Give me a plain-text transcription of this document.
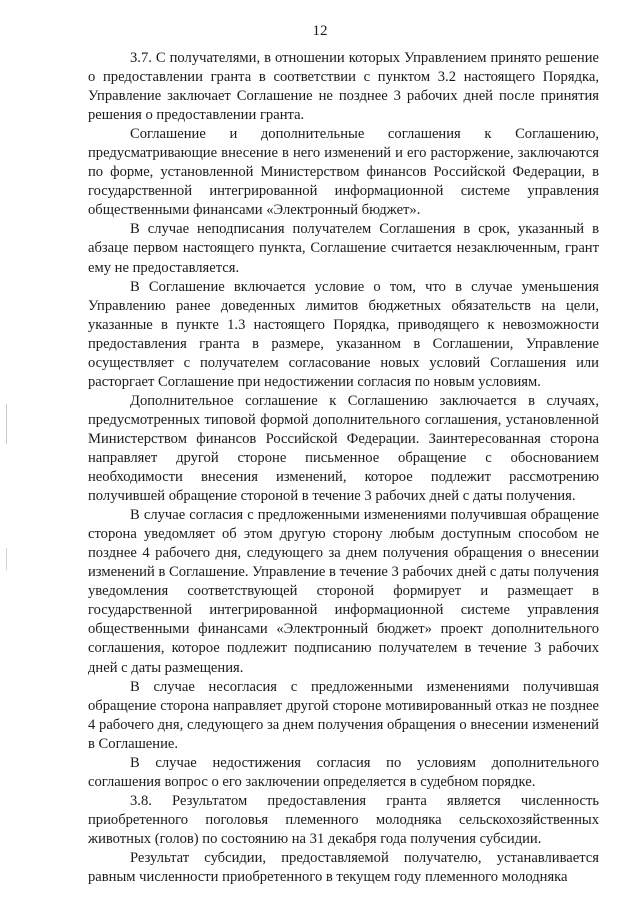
12

3.7. С получателями, в отношении которых Управлением принято решение о предоставлении гранта в соответствии с пунктом 3.2 настоящего Порядка, Управление заключает Соглашение не позднее 3 рабочих дней после принятия решения о предоставлении гранта.

Соглашение и дополнительные соглашения к Соглашению, предусматривающие внесение в него изменений и его расторжение, заключаются по форме, установленной Министерством финансов Российской Федерации, в государственной интегрированной информационной системе управления общественными финансами «Электронный бюджет».

В случае неподписания получателем Соглашения в срок, указанный в абзаце первом настоящего пункта, Соглашение считается незаключенным, грант ему не предоставляется.

В Соглашение включается условие о том, что в случае уменьшения Управлению ранее доведенных лимитов бюджетных обязательств на цели, указанные в пункте 1.3 настоящего Порядка, приводящего к невозможности предоставления гранта в размере, указанном в Соглашении, Управление осуществляет с получателем согласование новых условий Соглашения или расторгает Соглашение при недостижении согласия по новым условиям.

Дополнительное соглашение к Соглашению заключается в случаях, предусмотренных типовой формой дополнительного соглашения, установленной Министерством финансов Российской Федерации. Заинтересованная сторона направляет другой стороне письменное обращение с обоснованием необходимости внесения изменений, которое подлежит рассмотрению получившей обращение стороной в течение 3 рабочих дней с даты получения.

В случае согласия с предложенными изменениями получившая обращение сторона уведомляет об этом другую сторону любым доступным способом не позднее 4 рабочего дня, следующего за днем получения обращения о внесении изменений в Соглашение. Управление в течение 3 рабочих дней с даты получения уведомления соответствующей стороной формирует и размещает в государственной интегрированной информационной системе управления общественными финансами «Электронный бюджет» проект дополнительного соглашения, которое подлежит подписанию получателем в течение 3 рабочих дней с даты размещения.

В случае несогласия с предложенными изменениями получившая обращение сторона направляет другой стороне мотивированный отказ не позднее 4 рабочего дня, следующего за днем получения обращения о внесении изменений в Соглашение.

В случае недостижения согласия по условиям дополнительного соглашения вопрос о его заключении определяется в судебном порядке.

3.8. Результатом предоставления гранта является численность приобретенного поголовья племенного молодняка сельскохозяйственных животных (голов) по состоянию на 31 декабря года получения субсидии.

Результат субсидии, предоставляемой получателю, устанавливается равным численности приобретенного в текущем году племенного молодняка
